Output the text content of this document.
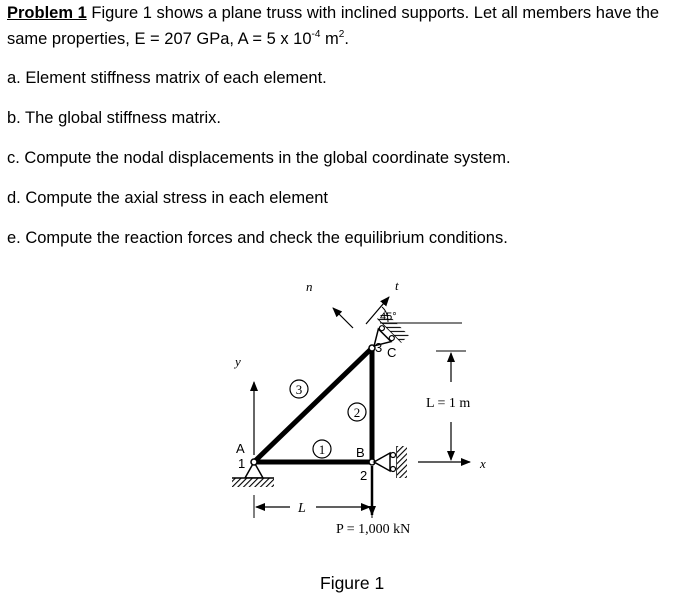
Problem 1 Figure 1 shows a plane truss with inclined supports. Let all members have the
same properties, E = 207 GPa, A = 5 x $10^{-4}$ $m^2$.
a. Element stiffness matrix of each element.
b. The global stiffness matrix.
c. Compute the nodal displacements in the global coordinate system.
d. Compute the axial stress in each element
e. Compute the reaction forces and check the equilibrium conditions.
1
2
3
n	t
45°
3 C
y
x
A
1
B
2
L = 1 m
L
P = 1,000 kN
Figure 1
